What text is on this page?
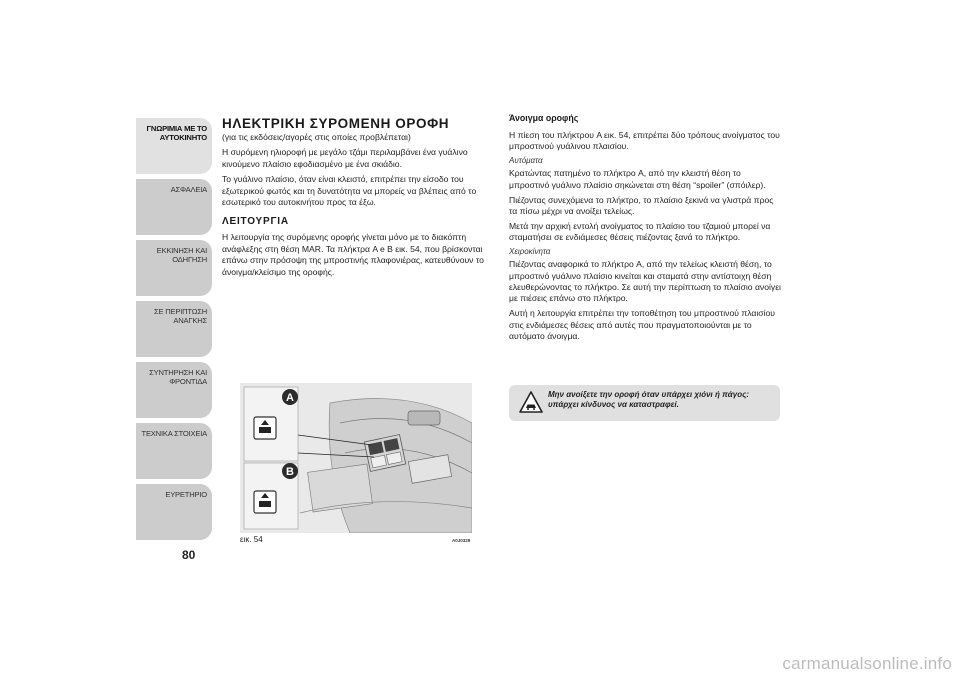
ΓΝΩΡΙΜΙΑ ΜΕ ΤΟ ΑΥΤΟΚΙΝΗΤΟ
ΑΣΦΑΛΕΙΑ
ΕΚΚΙΝΗΣΗ ΚΑΙ ΟΔΗΓΗΣΗ
ΣΕ ΠΕΡΙΠΤΩΣΗ ΑΝΑΓΚΗΣ
ΣΥΝΤΗΡΗΣΗ ΚΑΙ ΦΡΟΝΤΙΔΑ
ΤΕΧΝΙΚΑ ΣΤΟΙΧΕΙΑ
ΕΥΡΕΤΗΡΙΟ
80
ΗΛΕΚΤΡΙΚΗ ΣΥΡΟΜΕΝΗ ΟΡΟΦΗ

(για τις εκδόσεις/αγορές στις οποίες προβλέπεται)

Η συρόμενη ηλιοροφή με μεγάλο τζάμι περιλαμβάνει ένα γυάλινο κινούμενο πλαίσιο εφοδιασμένο με ένα σκιάδιο.

Το γυάλινο πλαίσιο, όταν είναι κλειστό, επιτρέπει την είσοδο του εξωτερικού φωτός και τη δυνατότητα να μπορείς να βλέπεις από το εσωτερικό του αυτοκινήτου προς τα έξω.

ΛΕΙΤΟΥΡΓΙΑ

Η λειτουργία της συρόμενης οροφής γίνεται μόνο με το διακόπτη ανάφλεξης στη θέση MAR. Τα πλήκτρα A e B εικ. 54, που βρίσκονται επάνω στην πρόσοψη της μπροστινής πλαφονιέρας, κατευθύνουν το άνοιγμα/κλείσιμο της οροφής.

A
B
εικ. 54	A0J0329
Άνοιγμα οροφής

Η πίεση του πλήκτρου A εικ. 54, επιτρέπει δύο τρόπους ανοίγματος του μπροστινού γυάλινου πλαισίου.

Αυτόματα

Κρατώντας πατημένο το πλήκτρο A, από την κλειστή θέση το μπροστινό γυάλινο πλαίσιο σηκώνεται στη θέση “spoiler” (σπόιλερ).

Πιέζοντας συνεχόμενα το πλήκτρο, το πλαίσιο ξεκινά να γλιστρά προς τα πίσω μέχρι να ανοίξει τελείως.

Μετά την αρχική εντολή ανοίγματος το πλαίσιο του τζαμιού μπορεί να σταματήσει σε ενδιάμεσες θέσεις πιέζοντας ξανά το πλήκτρο.

Χειροκίνητα

Πιέζοντας αναφορικά το πλήκτρο A, από την τελείως κλειστή θέση, το μπροστινό γυάλινο πλαίσιο κινείται και σταματά στην αντίστοιχη θέση ελευθερώνοντας το πλήκτρο. Σε αυτή την περίπτωση το πλαίσιο ανοίγει με πιέσεις επάνω στο πλήκτρο.

Αυτή η λειτουργία επιτρέπει την τοποθέτηση του μπροστινού πλαισίου στις ενδιάμεσες θέσεις από αυτές που πραγματοποιούνται με το αυτόματο άνοιγμα.

Μην ανοίξετε την οροφή όταν υπάρχει χιόνι ή πάγος: υπάρχει κίνδυνος να καταστραφεί.
carmanualsonline.info
